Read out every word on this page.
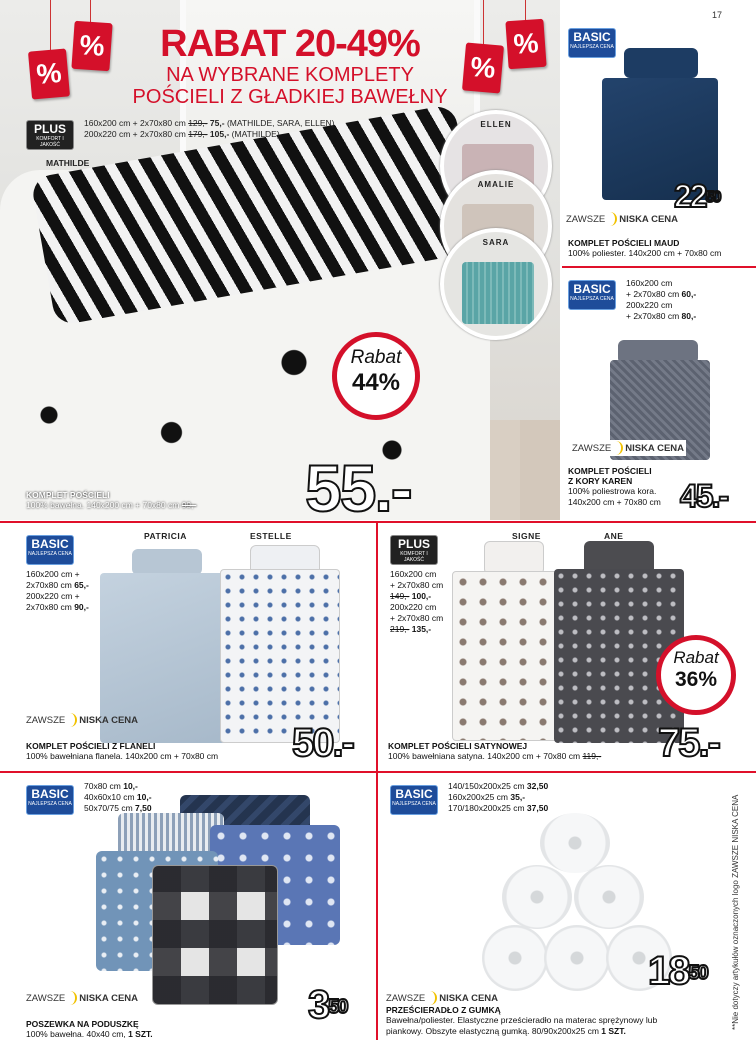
17
%
%
%
%
RABAT 20-49%
NA WYBRANE KOMPLETY
POŚCIELI Z GŁADKIEJ BAWEŁNY
PLUS
KOMFORT I JAKOŚĆ
160x200 cm + 2x70x80 cm 129,- 75,- (MATHILDE, SARA, ELLEN)
200x220 cm + 2x70x80 cm 179,- 105,- (MATHILDE)
MATHILDE
ELLEN
AMALIE
SARA
Rabat
44%
55.-
KOMPLET POŚCIELI
100% bawełna. 140x200 cm + 70x80 cm 99,-
BASIC
NAJLEPSZA CENA
$22^{50}$
ZAWSZE NISKA CENA
KOMPLET POŚCIELI MAUD
100% poliester. 140x200 cm + 70x80 cm
BASIC
NAJLEPSZA CENA
160x200 cm
+ 2x70x80 cm 60,-
200x220 cm
+ 2x70x80 cm 80,-
ZAWSZE NISKA CENA
KOMPLET POŚCIELI
Z KORY KAREN
100% poliestrowa kora.
140x200 cm + 70x80 cm 45.-
BASIC
NAJLEPSZA CENA
PATRICIA	ESTELLE
160x200 cm +
2x70x80 cm 65,-
200x220 cm +
2x70x80 cm 90,-
ZAWSZE NISKA CENA
KOMPLET POŚCIELI Z FLANELI
100% bawełniana flanela. 140x200 cm + 70x80 cm 50.-
PLUS
KOMFORT I JAKOŚĆ
SIGNE	ANE
160x200 cm
+ 2x70x80 cm
149,- 100,-
200x220 cm
+ 2x70x80 cm
219,- 135,-
Rabat
36%
KOMPLET POŚCIELI SATYNOWEJ
100% bawełniana satyna. 140x200 cm + 70x80 cm 119,- 75.-
BASIC
NAJLEPSZA CENA
70x80 cm 10,-
40x60x10 cm 10,-
50x70/75 cm 7,50
ZAWSZE NISKA CENA
POSZEWKA NA PODUSZKĘ
100% bawełna. 40x40 cm, 1 SZT.
$3^{50}$
BASIC
NAJLEPSZA CENA
140/150x200x25 cm 32,50
160x200x25 cm 35,-
170/180x200x25 cm 37,50
ZAWSZE NISKA CENA
PRZEŚCIERADŁO Z GUMKĄ
Bawełna/poliester. Elastyczne prześcieradło na materac sprężynowy lub
piankowy. Obszyte elastyczną gumką. 80/90x200x25 cm 1 SZT.
$18^{50}$	**Nie dotyczy artykułów oznaczonych logo ZAWSZE NISKA CENA
